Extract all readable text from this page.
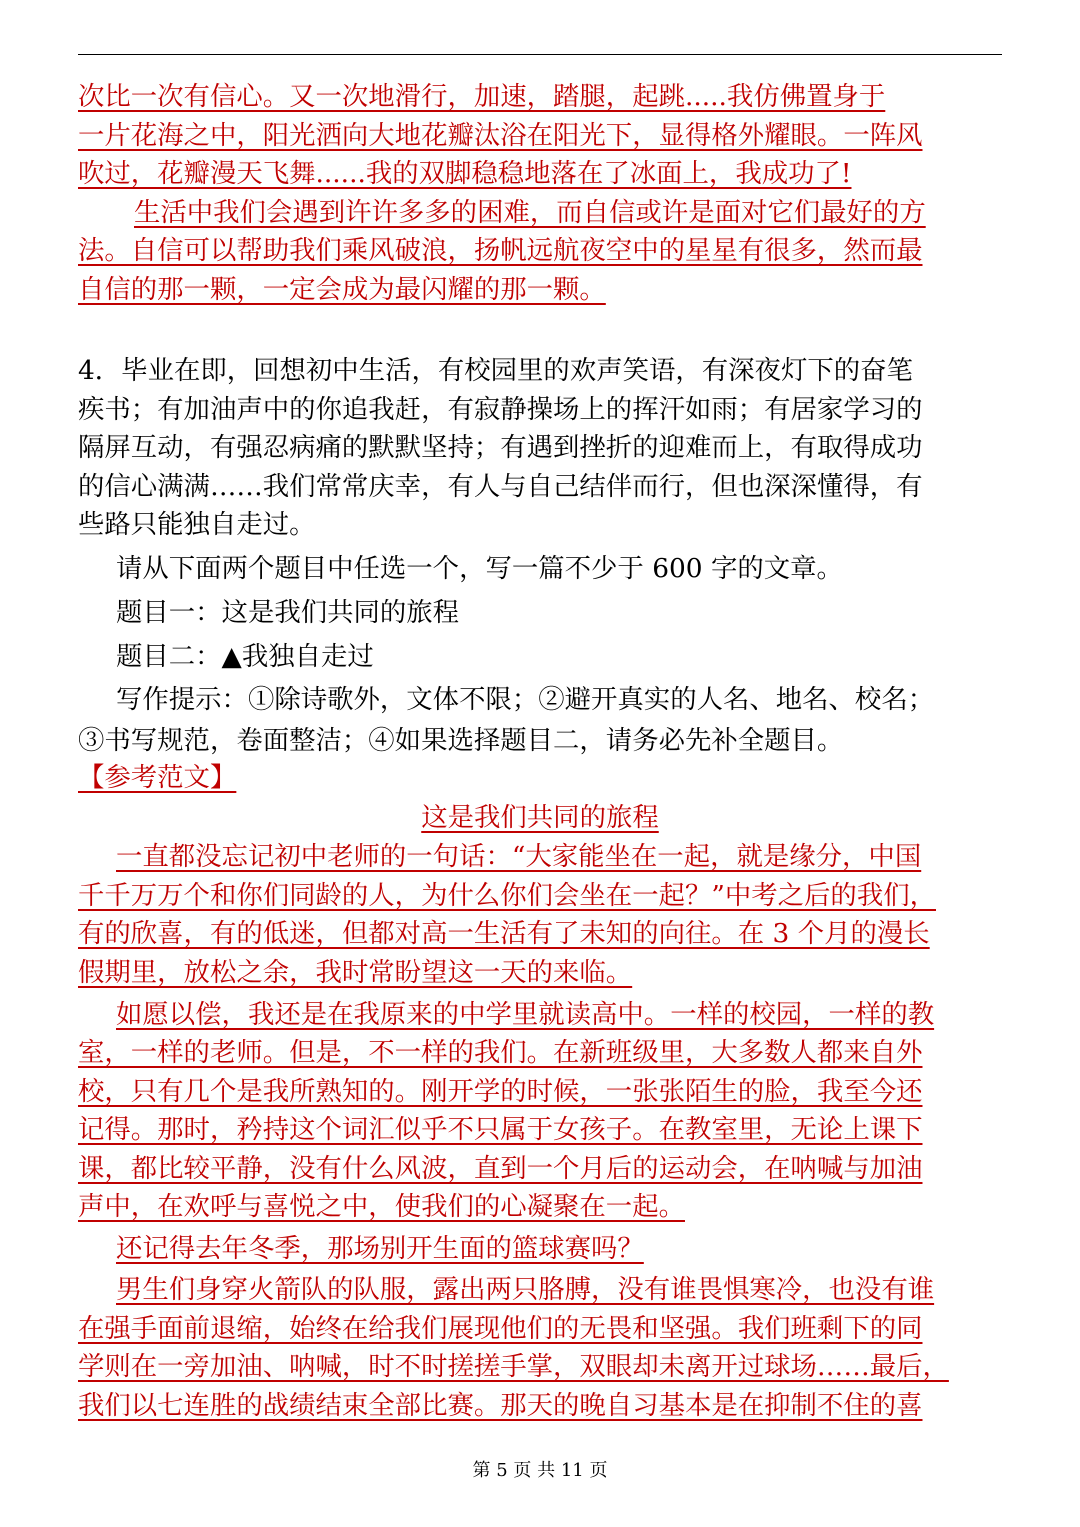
次比一次有信心。又一次地滑行，加速，踏腿，起跳.....我仿佛置身于
一片花海之中，阳光洒向大地花瓣汰浴在阳光下，显得格外耀眼。一阵风
吹过，花瓣漫天飞舞......我的双脚稳稳地落在了冰面上，我成功了!
生活中我们会遇到许许多多的困难，而自信或许是面对它们最好的方
法。自信可以帮助我们乘风破浪，扬帆远航夜空中的星星有很多，然而最
自信的那一颗，一定会成为最闪耀的那一颗。
4．毕业在即，回想初中生活，有校园里的欢声笑语，有深夜灯下的奋笔
疾书；有加油声中的你追我赶，有寂静操场上的挥汗如雨；有居家学习的
隔屏互动，有强忍病痛的默默坚持；有遇到挫折的迎难而上，有取得成功
的信心满满……我们常常庆幸，有人与自己结伴而行，但也深深懂得，有
些路只能独自走过。
请从下面两个题目中任选一个，写一篇不少于 600 字的文章。
题目一：这是我们共同的旅程
题目二：▲我独自走过
写作提示：①除诗歌外，文体不限；②避开真实的人名、地名、校名；
③书写规范，卷面整洁；④如果选择题目二，请务必先补全题目。
【参考范文】
这是我们共同的旅程
一直都没忘记初中老师的一句话：“大家能坐在一起，就是缘分，中国
千千万万个和你们同龄的人，为什么你们会坐在一起？”中考之后的我们，
有的欣喜，有的低迷，但都对高一生活有了未知的向往。在 3 个月的漫长
假期里，放松之余，我时常盼望这一天的来临。
如愿以偿，我还是在我原来的中学里就读高中。一样的校园，一样的教
室，一样的老师。但是，不一样的我们。在新班级里，大多数人都来自外
校，只有几个是我所熟知的。刚开学的时候，一张张陌生的脸，我至今还
记得。那时，矜持这个词汇似乎不只属于女孩子。在教室里，无论上课下
课，都比较平静，没有什么风波，直到一个月后的运动会，在呐喊与加油
声中，在欢呼与喜悦之中，使我们的心凝聚在一起。
还记得去年冬季，那场别开生面的篮球赛吗？
男生们身穿火箭队的队服，露出两只胳膊，没有谁畏惧寒冷，也没有谁
在强手面前退缩，始终在给我们展现他们的无畏和坚强。我们班剩下的同
学则在一旁加油、呐喊，时不时搓搓手掌，双眼却未离开过球场……最后，
我们以七连胜的战绩结束全部比赛。那天的晚自习基本是在抑制不住的喜
第 5 页 共 11 页
